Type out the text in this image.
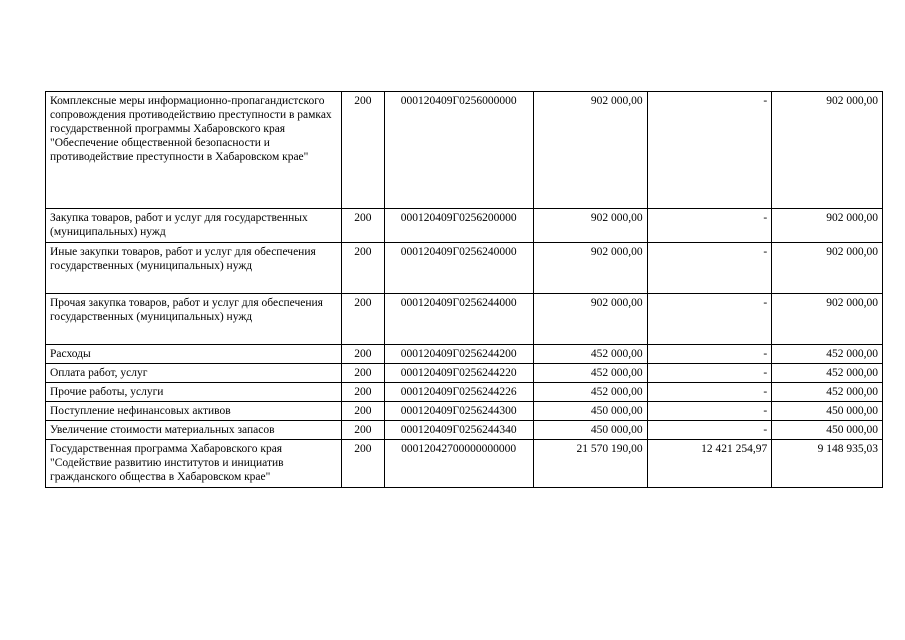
Комплексные меры информационно-пропагандистского сопровождения противодействию преступности в рамках государственной программы Хабаровского края "Обеспечение общественной безопасности и противодействие преступности в Хабаровском крае"	200	000120409Г0256000000	902 000,00	-	902 000,00
Закупка товаров, работ и услуг для государственных (муниципальных) нужд	200	000120409Г0256200000	902 000,00	-	902 000,00
Иные закупки товаров, работ и услуг для обеспечения государственных (муниципальных) нужд	200	000120409Г0256240000	902 000,00	-	902 000,00
Прочая закупка товаров, работ и услуг для обеспечения государственных (муниципальных) нужд	200	000120409Г0256244000	902 000,00	-	902 000,00
Расходы	200	000120409Г0256244200	452 000,00	-	452 000,00
Оплата работ, услуг	200	000120409Г0256244220	452 000,00	-	452 000,00
Прочие работы, услуги	200	000120409Г0256244226	452 000,00	-	452 000,00
Поступление нефинансовых активов	200	000120409Г0256244300	450 000,00	-	450 000,00
Увеличение стоимости материальных запасов	200	000120409Г0256244340	450 000,00	-	450 000,00
Государственная программа Хабаровского края "Содействие развитию институтов и инициатив гражданского общества в Хабаровском крае"	200	00012042700000000000	21 570 190,00	12 421 254,97	9 148 935,03
